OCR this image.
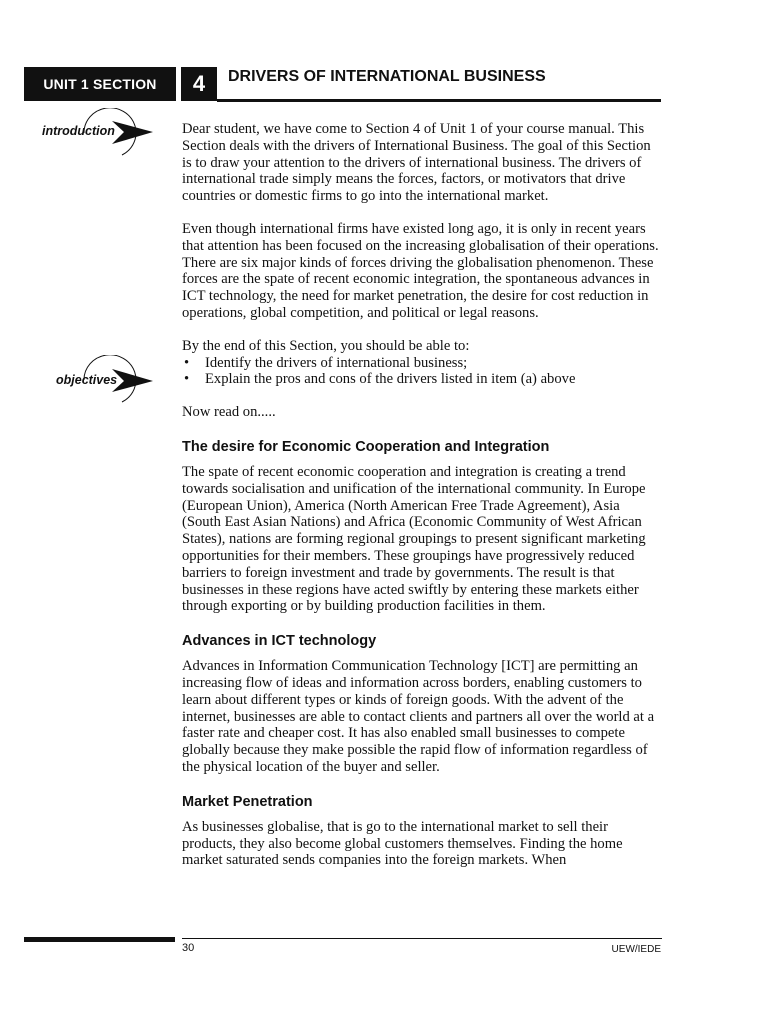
UNIT 1 SECTION	4	DRIVERS OF INTERNATIONAL BUSINESS
introduction
objectives

Dear student, we have come to Section 4 of Unit 1 of your course manual. This Section deals with the drivers of International Business. The goal of this Section is to draw your attention to the drivers of international business. The drivers of international trade simply means the forces, factors, or motivators that drive countries or domestic firms to go into the international market.

Even though international firms have existed long ago, it is only in recent years that attention has been focused on the increasing globalisation of their operations. There are six major kinds of forces driving the globalisation phenomenon. These forces are the spate of recent economic integration, the spontaneous advances in ICT technology, the need for market penetration, the desire for cost reduction in operations, global competition, and political or legal reasons.

By the end of this Section, you should be able to:

• Identify the drivers of international business;
• Explain the pros and cons of the drivers listed in item (a) above

Now read on.....

The desire for Economic Cooperation and Integration

The spate of recent economic cooperation and integration is creating a trend towards socialisation and unification of the international community. In Europe (European Union), America (North American Free Trade Agreement), Asia (South East Asian Nations) and Africa (Economic Community of West African States), nations are forming regional groupings to present significant marketing opportunities for their members. These groupings have progressively reduced barriers to foreign investment and trade by governments. The result is that businesses in these regions have acted swiftly by entering these markets either through exporting or by building production facilities in them.

Advances in ICT technology

Advances in Information Communication Technology [ICT] are permitting an increasing flow of ideas and information across borders, enabling customers to learn about different types or kinds of foreign goods. With the advent of the internet, businesses are able to contact clients and partners all over the world at a faster rate and cheaper cost. It has also enabled small businesses to compete globally because they make possible the rapid flow of information regardless of the physical location of the buyer and seller.

Market Penetration

As businesses globalise, that is go to the international market to sell their products, they also become global customers themselves. Finding the home market saturated sends companies into the foreign markets. When

30	UEW/IEDE
